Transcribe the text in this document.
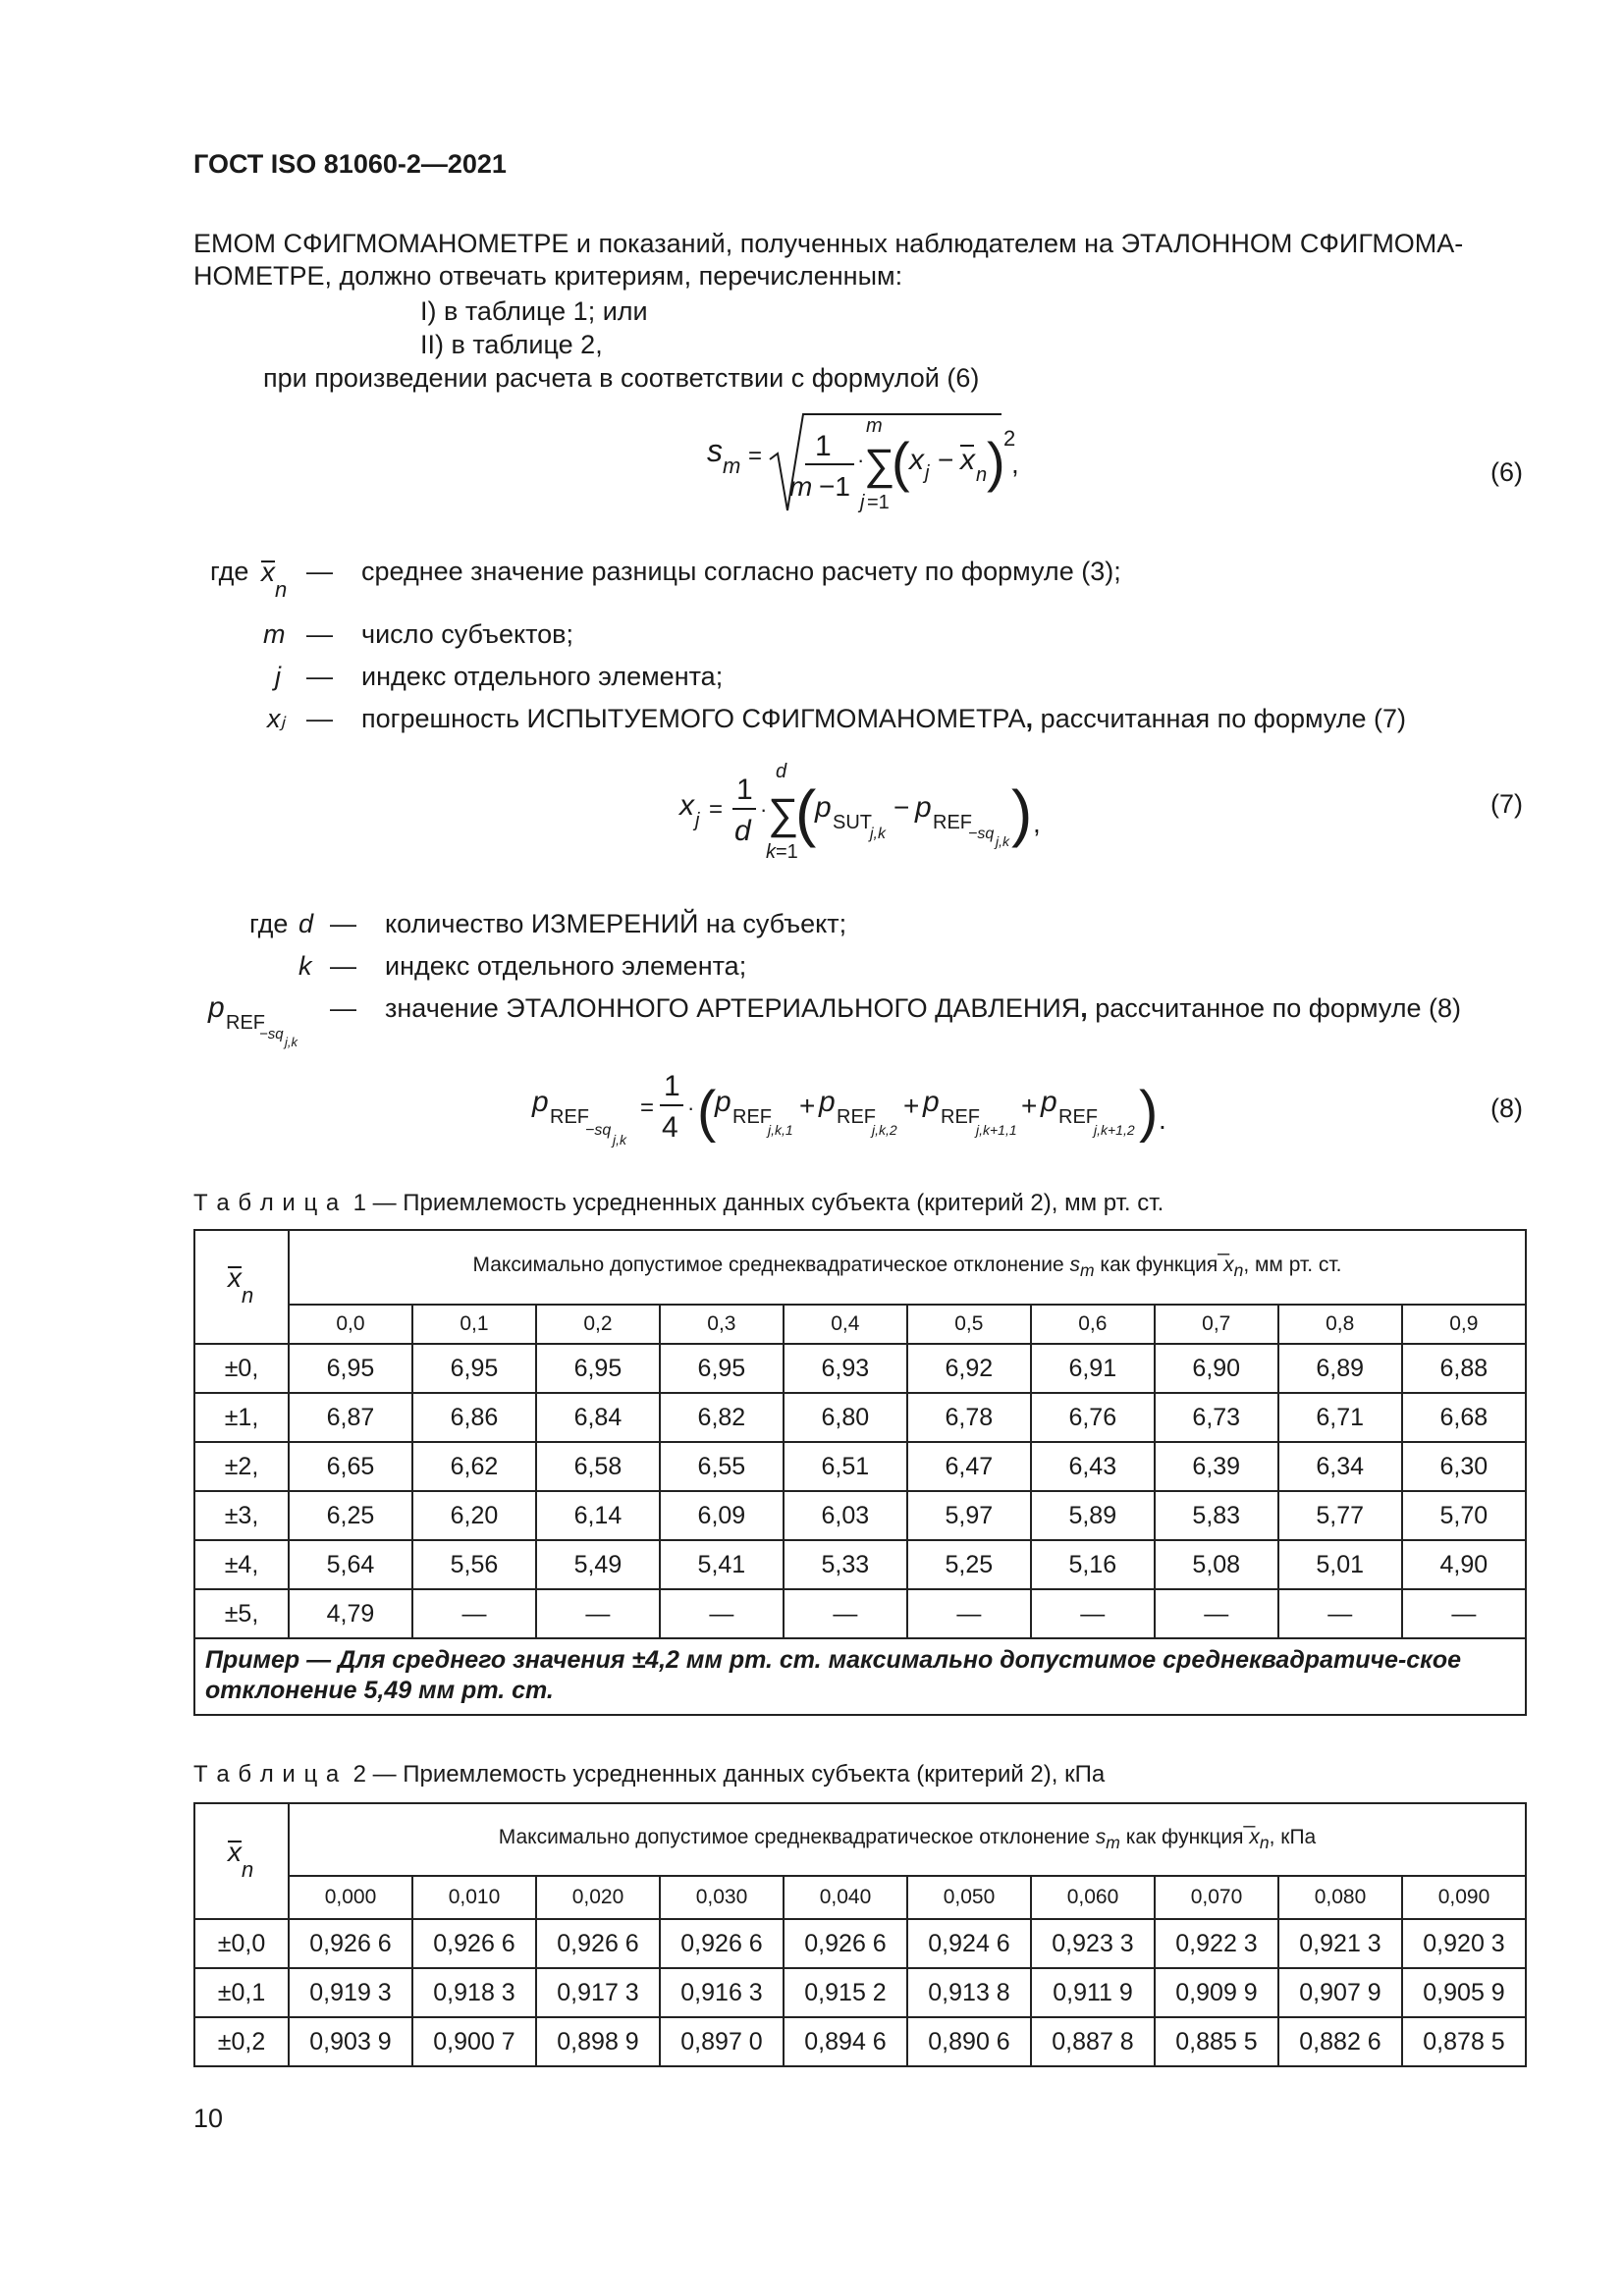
ГОСТ ISO 81060-2—2021
ЕМОМ СФИГМОМАНОМЕТРЕ и показаний, полученных наблюдателем на ЭТАЛОННОМ СФИГМОМА-
НОМЕТРЕ, должно отвечать критериям, перечисленным:
I) в таблице 1; или
II) в таблице 2,
при произведении расчета в соответствии с формулой (6)
s m = 1
m −1
·
m
∑
j =1
( x j − x n )
2
,	(6)
где x
n
— среднее значение разницы согласно расчету по формуле (3);
m — число субъектов;
j — индекс отдельного элемента;
xⱼ — погрешность ИСПЫТУЕМОГО СФИГМОМАНОМЕТРА, рассчитанная по формуле (7)
x j =
1
d
·
d
∑
k =1
(
p SUT
j,k
− p REF
−sq j,k ) ,
(7)
где d — количество ИЗМЕРЕНИЙ на субъект;
k — индекс отдельного элемента;
p REF
−sq j,k
— значение ЭТАЛОННОГО АРТЕРИАЛЬНОГО ДАВЛЕНИЯ, рассчитанное по формуле (8)
p REF
−sq
j,k
=
1
4
· (
p REF
j,k,1
+ p REF
j,k,2
+ p REF
j,k+1,1
+ p REF
j,k+1,2 ) .	(8)
Т а б л и ц а 1 — Приемлемость усредненных данных субъекта (критерий 2), мм рт. ст.
x
n	Максимально допустимое среднеквадратическое отклонение $s_m$ как функция ̅ $x_n$, мм рт. ст.
	0,0	0,1	0,2	0,3	0,4	0,5	0,6	0,7	0,8	0,9
±0,	6,95	6,95	6,95	6,95	6,93	6,92	6,91	6,90	6,89	6,88
±1,	6,87	6,86	6,84	6,82	6,80	6,78	6,76	6,73	6,71	6,68
±2,	6,65	6,62	6,58	6,55	6,51	6,47	6,43	6,39	6,34	6,30
±3,	6,25	6,20	6,14	6,09	6,03	5,97	5,89	5,83	5,77	5,70
±4,	5,64	5,56	5,49	5,41	5,33	5,25	5,16	5,08	5,01	4,90
±5,	4,79	—	—	—	—	—	—	—	—	—
Пример — Для среднего значения ±4,2 мм рт. ст. максимально допустимое среднеквадратиче-ское отклонение 5,49 мм рт. ст.										
Т а б л и ц а 2 — Приемлемость усредненных данных субъекта (критерий 2), кПа
x
n	Максимально допустимое среднеквадратическое отклонение $s_m$ как функция ̅ $x_n$, кПа
	0,000	0,010	0,020	0,030	0,040	0,050	0,060	0,070	0,080	0,090
±0,0	0,926 6	0,926 6	0,926 6	0,926 6	0,926 6	0,924 6	0,923 3	0,922 3	0,921 3	0,920 3
±0,1	0,919 3	0,918 3	0,917 3	0,916 3	0,915 2	0,913 8	0,911 9	0,909 9	0,907 9	0,905 9
±0,2	0,903 9	0,900 7	0,898 9	0,897 0	0,894 6	0,890 6	0,887 8	0,885 5	0,882 6	0,878 5
10
